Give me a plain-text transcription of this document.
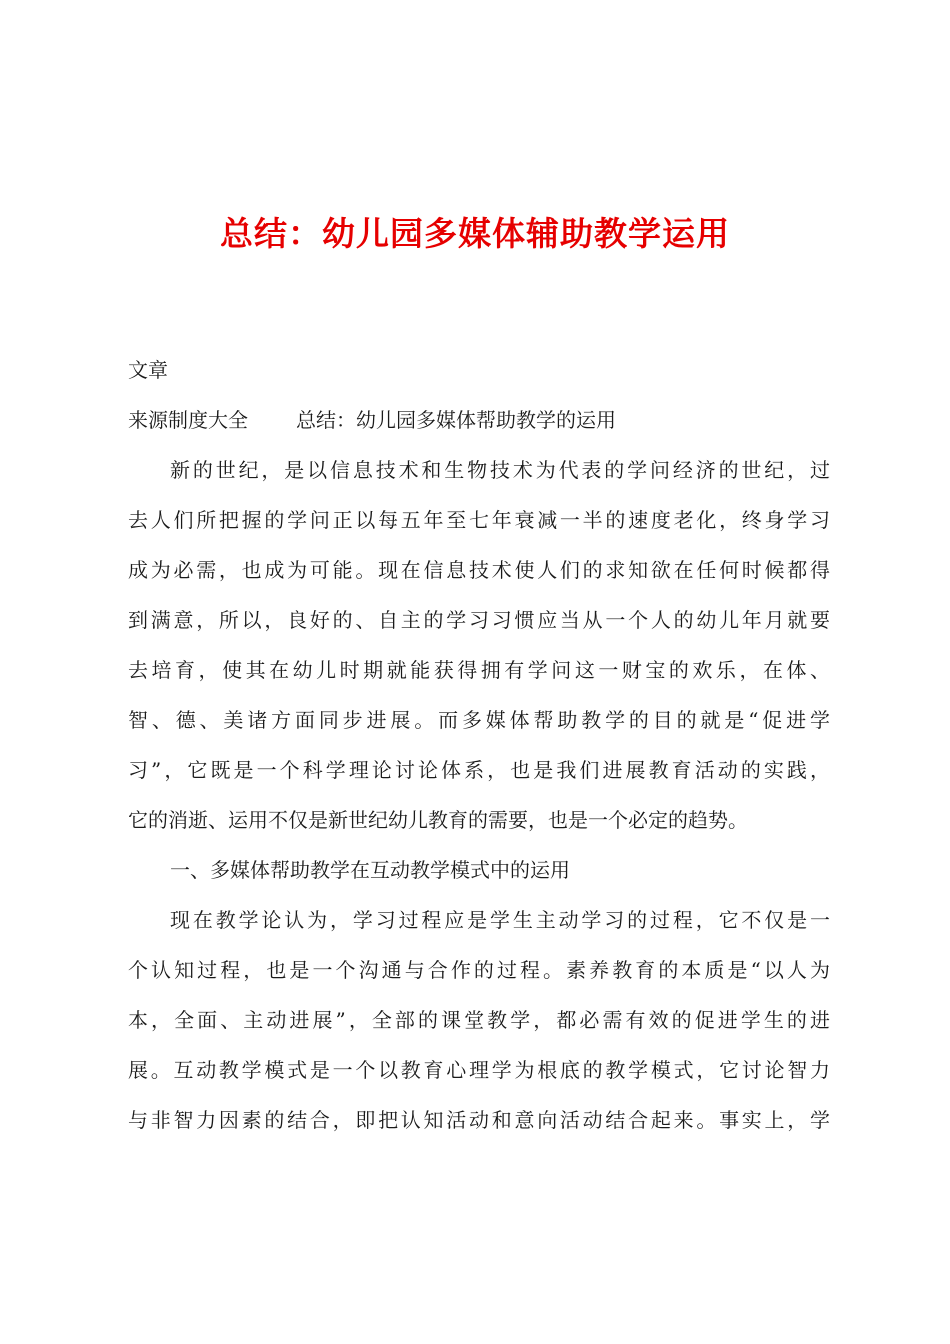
总结：幼儿园多媒体辅助教学运用
文章
来源制度大全 总结：幼儿园多媒体帮助教学的运用
新的世纪，是以信息技术和生物技术为代表的学问经济的世纪，过
去人们所把握的学问正以每五年至七年衰减一半的速度老化，终身学习
成为必需，也成为可能。现在信息技术使人们的求知欲在任何时候都得
到满意，所以，良好的、自主的学习习惯应当从一个人的幼儿年月就要
去培育，使其在幼儿时期就能获得拥有学问这一财宝的欢乐，在体、
智、德、美诸方面同步进展。而多媒体帮助教学的目的就是“促进学
习”，它既是一个科学理论讨论体系，也是我们进展教育活动的实践，
它的消逝、运用不仅是新世纪幼儿教育的需要，也是一个必定的趋势。
一、多媒体帮助教学在互动教学模式中的运用
现在教学论认为，学习过程应是学生主动学习的过程，它不仅是一
个认知过程，也是一个沟通与合作的过程。素养教育的本质是“以人为
本，全面、主动进展”，全部的课堂教学，都必需有效的促进学生的进
展。互动教学模式是一个以教育心理学为根底的教学模式，它讨论智力
与非智力因素的结合，即把认知活动和意向活动结合起来。事实上，学
